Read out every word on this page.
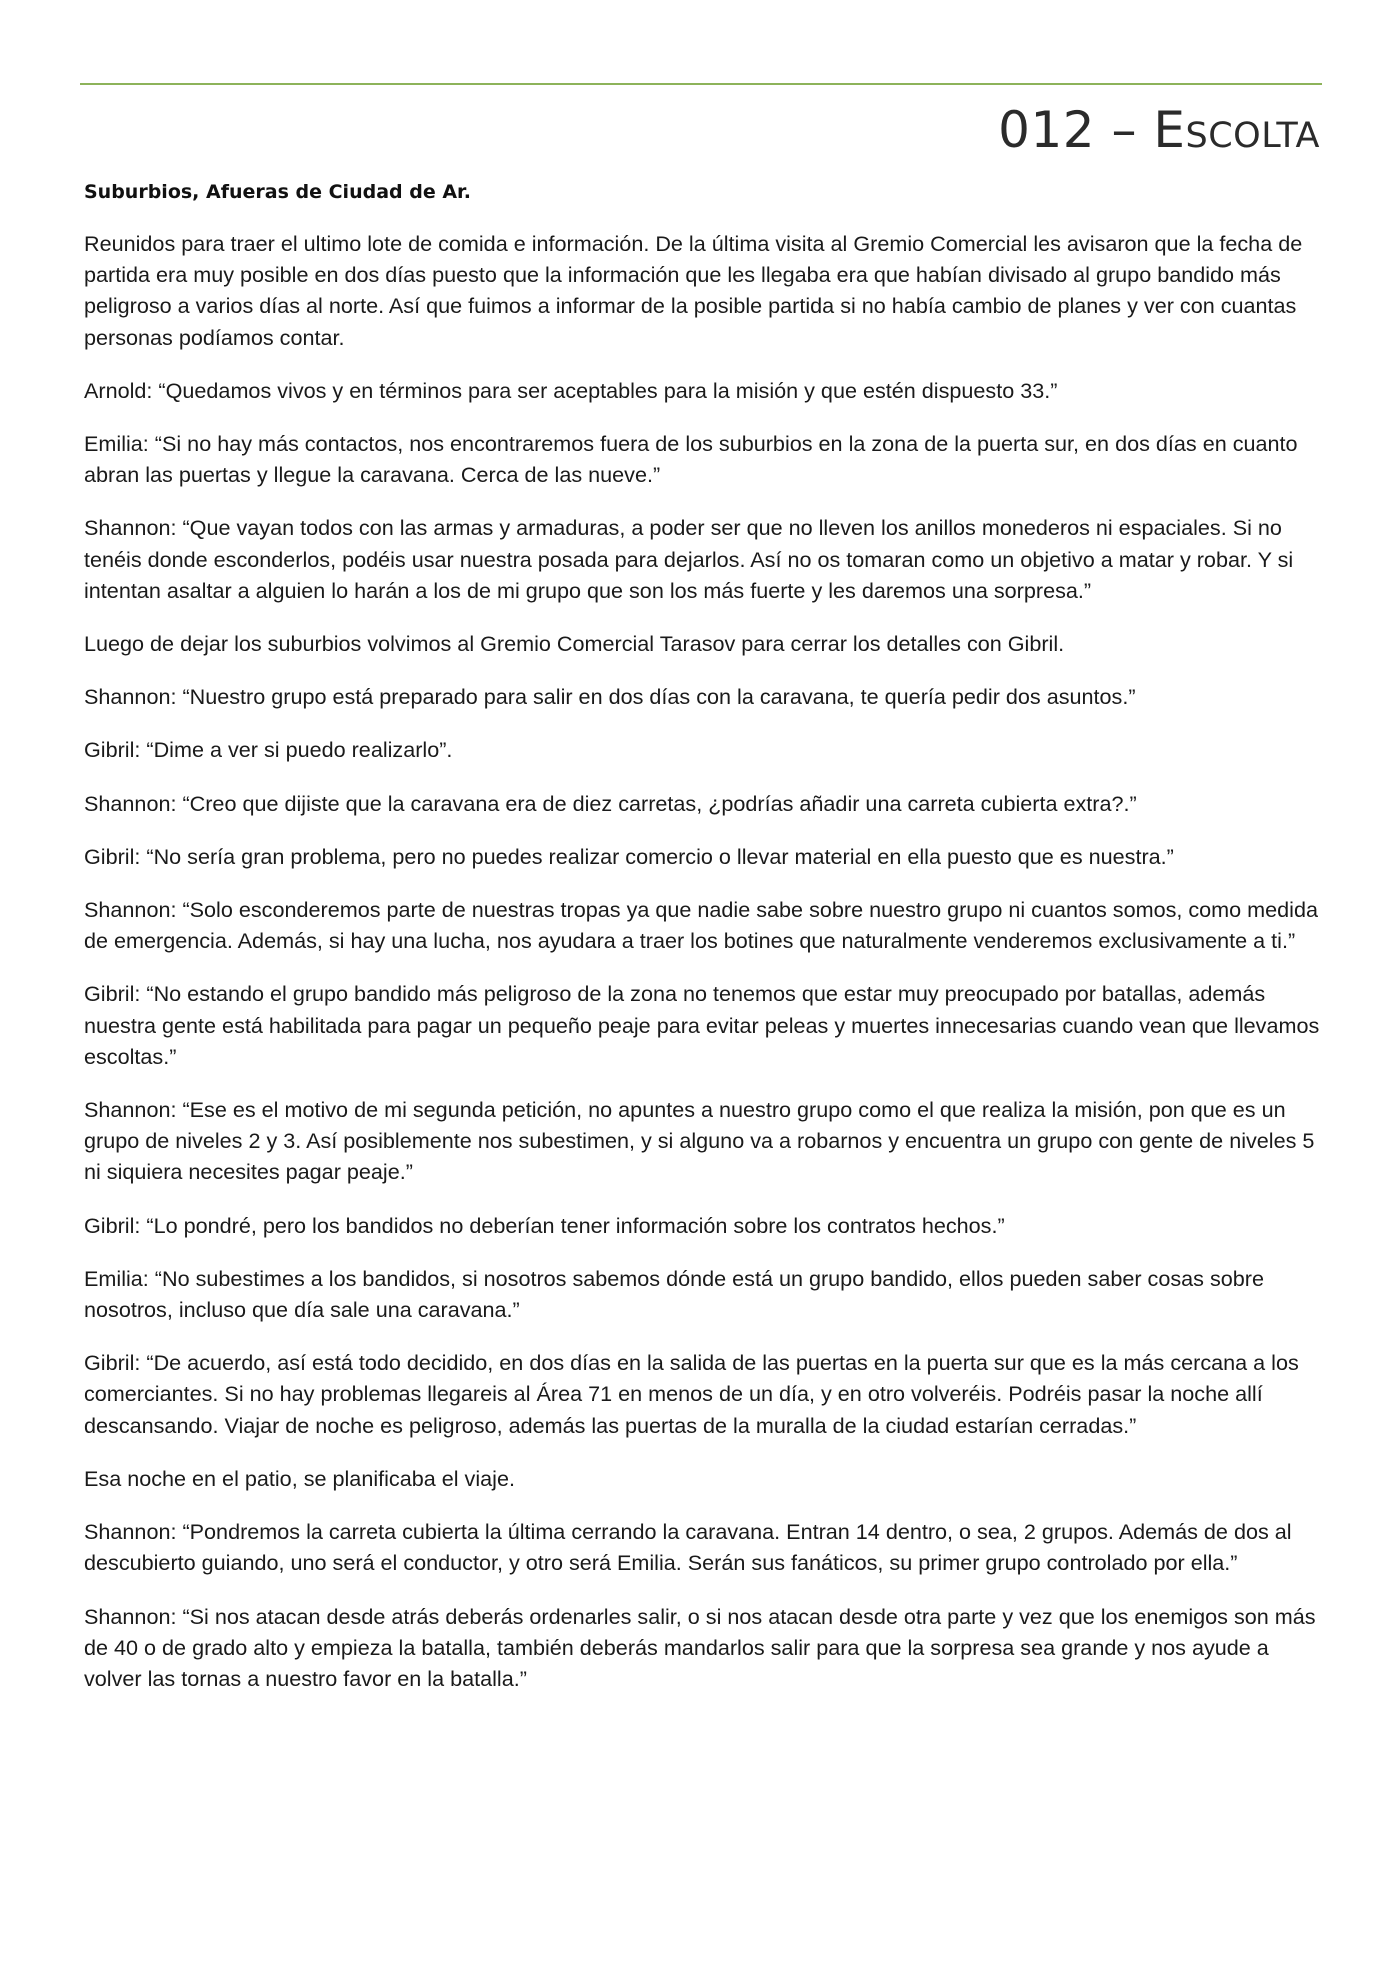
012 – Escolta

Suburbios, Afueras de Ciudad de Ar.

Reunidos para traer el ultimo lote de comida e información. De la última visita al Gremio Comercial les avisaron que la fecha de partida era muy posible en dos días puesto que la información que les llegaba era que habían divisado al grupo bandido más peligroso a varios días al norte. Así que fuimos a informar de la posible partida si no había cambio de planes y ver con cuantas personas podíamos contar.

Arnold: “Quedamos vivos y en términos para ser aceptables para la misión y que estén dispuesto 33.”

Emilia: “Si no hay más contactos, nos encontraremos fuera de los suburbios en la zona de la puerta sur, en dos días en cuanto abran las puertas y llegue la caravana. Cerca de las nueve.”

Shannon: “Que vayan todos con las armas y armaduras, a poder ser que no lleven los anillos monederos ni espaciales. Si no tenéis donde esconderlos, podéis usar nuestra posada para dejarlos. Así no os tomaran como un objetivo a matar y robar. Y si intentan asaltar a alguien lo harán a los de mi grupo que son los más fuerte y les daremos una sorpresa.”

Luego de dejar los suburbios volvimos al Gremio Comercial Tarasov para cerrar los detalles con Gibril.

Shannon: “Nuestro grupo está preparado para salir en dos días con la caravana, te quería pedir dos asuntos.”

Gibril: “Dime a ver si puedo realizarlo”.

Shannon: “Creo que dijiste que la caravana era de diez carretas, ¿podrías añadir una carreta cubierta extra?.”

Gibril: “No sería gran problema, pero no puedes realizar comercio o llevar material en ella puesto que es nuestra.”

Shannon: “Solo esconderemos parte de nuestras tropas ya que nadie sabe sobre nuestro grupo ni cuantos somos, como medida de emergencia. Además, si hay una lucha, nos ayudara a traer los botines que naturalmente venderemos exclusivamente a ti.”

Gibril: “No estando el grupo bandido más peligroso de la zona no tenemos que estar muy preocupado por batallas, además nuestra gente está habilitada para pagar un pequeño peaje para evitar peleas y muertes innecesarias cuando vean que llevamos escoltas.”

Shannon: “Ese es el motivo de mi segunda petición, no apuntes a nuestro grupo como el que realiza la misión, pon que es un grupo de niveles 2 y 3. Así posiblemente nos subestimen, y si alguno va a robarnos y encuentra un grupo con gente de niveles 5 ni siquiera necesites pagar peaje.”

Gibril: “Lo pondré, pero los bandidos no deberían tener información sobre los contratos hechos.”

Emilia: “No subestimes a los bandidos, si nosotros sabemos dónde está un grupo bandido, ellos pueden saber cosas sobre nosotros, incluso que día sale una caravana.”

Gibril: “De acuerdo, así está todo decidido, en dos días en la salida de las puertas en la puerta sur que es la más cercana a los comerciantes. Si no hay problemas llegareis al Área 71 en menos de un día, y en otro volveréis. Podréis pasar la noche allí descansando. Viajar de noche es peligroso, además las puertas de la muralla de la ciudad estarían cerradas.”

Esa noche en el patio, se planificaba el viaje.

Shannon: “Pondremos la carreta cubierta la última cerrando la caravana. Entran 14 dentro, o sea, 2 grupos. Además de dos al descubierto guiando, uno será el conductor, y otro será Emilia. Serán sus fanáticos, su primer grupo controlado por ella.”

Shannon: “Si nos atacan desde atrás deberás ordenarles salir, o si nos atacan desde otra parte y vez que los enemigos son más de 40 o de grado alto y empieza la batalla, también deberás mandarlos salir para que la sorpresa sea grande y nos ayude a volver las tornas a nuestro favor en la batalla.”
